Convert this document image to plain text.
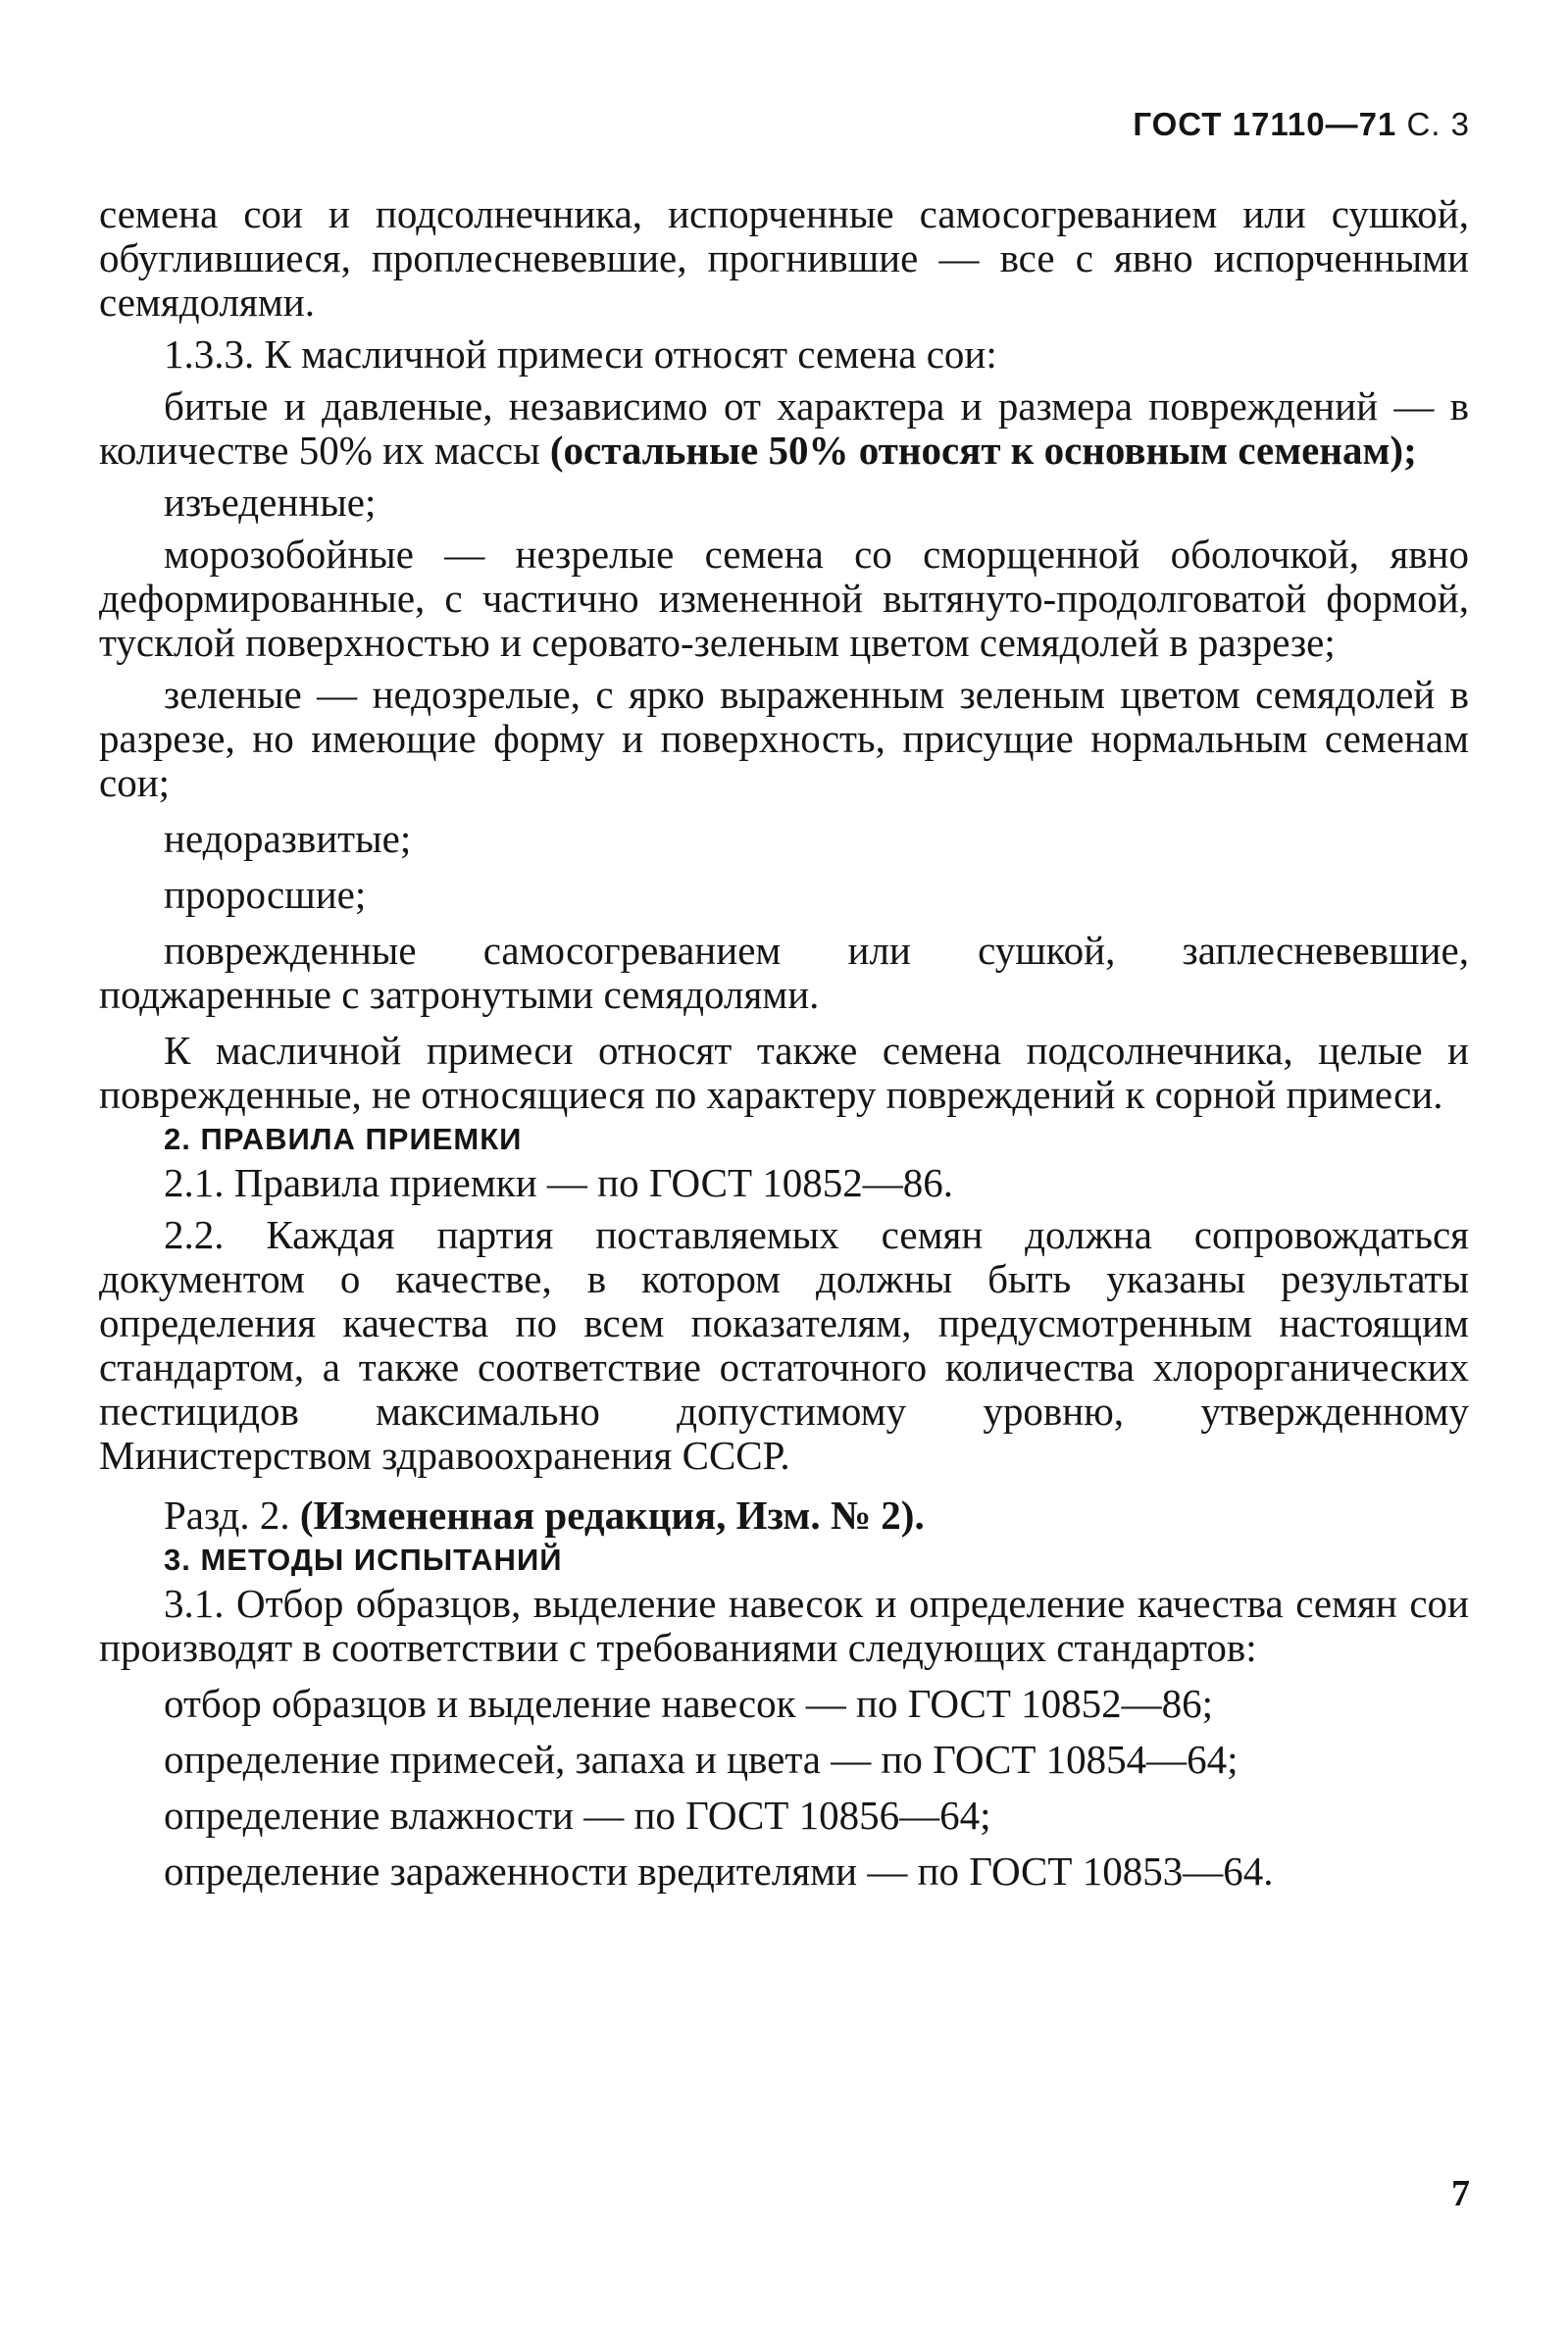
ГОСТ 17110—71 С. 3

семена сои и подсолнечника, испорченные самосогреванием или сушкой, обуглившиеся, проплесневевшие, прогнившие — все с явно испорченными семядолями.

1.3.3. К масличной примеси относят семена сои:

битые и давленые, независимо от характера и размера повреждений — в количестве 50% их массы (остальные 50% относят к основным семенам);

изъеденные;

морозобойные — незрелые семена со сморщенной оболочкой, явно деформированные, с частично измененной вытянуто-продолговатой формой, тусклой поверхностью и серовато-зеленым цветом семядолей в разрезе;

зеленые — недозрелые, с ярко выраженным зеленым цветом семядолей в разрезе, но имеющие форму и поверхность, присущие нормальным семенам сои;

недоразвитые;

проросшие;

поврежденные самосогреванием или сушкой, заплесневевшие, поджаренные с затронутыми семядолями.

К масличной примеси относят также семена подсолнечника, целые и поврежденные, не относящиеся по характеру повреждений к сорной примеси.

2. ПРАВИЛА ПРИЕМКИ

2.1. Правила приемки — по ГОСТ 10852—86.

2.2. Каждая партия поставляемых семян должна сопровождаться документом о качестве, в котором должны быть указаны результаты определения качества по всем показателям, предусмотренным настоящим стандартом, а также соответствие остаточного количества хлорорганических пестицидов максимально допустимому уровню, утвержденному Министерством здравоохранения СССР.

Разд. 2. (Измененная редакция, Изм. № 2).

3. МЕТОДЫ ИСПЫТАНИЙ

3.1. Отбор образцов, выделение навесок и определение качества семян сои производят в соответствии с требованиями следующих стандартов:

отбор образцов и выделение навесок — по ГОСТ 10852—86;

определение примесей, запаха и цвета — по ГОСТ 10854—64;

определение влажности — по ГОСТ 10856—64;

определение зараженности вредителями — по ГОСТ 10853—64.

7
